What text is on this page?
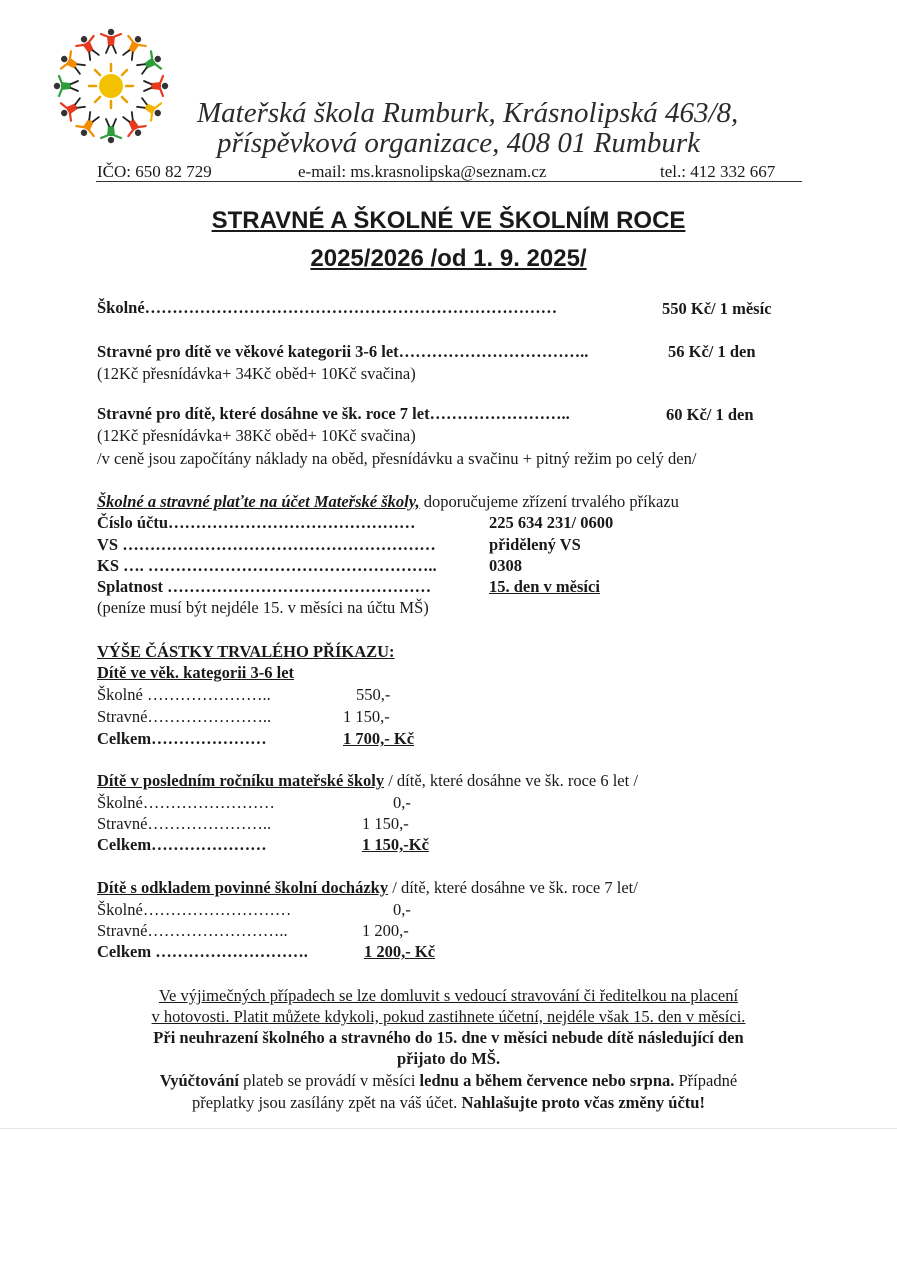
Mateřská škola Rumburk, Krásnolipská 463/8,
příspěvková organizace, 408 01 Rumburk
IČO: 650 82 729	e-mail: ms.krasnolipska@seznam.cz	tel.: 412 332 667
STRAVNÉ A ŠKOLNÉ VE ŠKOLNÍM ROCE
2025/2026 /od 1. 9. 2025/
Školné…………………………………………………………………	550 Kč/ 1 měsíc
Stravné pro dítě ve věkové kategorii 3-6 let……………………………..	56 Kč/ 1 den
(12Kč přesnídávka+ 34Kč oběd+ 10Kč svačina)
Stravné pro dítě, které dosáhne ve šk. roce 7 let……………………..	60 Kč/ 1 den
(12Kč přesnídávka+ 38Kč oběd+ 10Kč svačina)
/v ceně jsou započítány náklady na oběd, přesnídávku a svačinu + pitný režim po celý den/
Školné a stravné plaťte na účet Mateřské školy, doporučujeme zřízení trvalého příkazu
Číslo účtu………………………………………	225 634 231/ 0600
VS …………………………………………………	přidělený VS
KS …. ……………………………………………..	0308
Splatnost …………………………………………	15. den v měsíci
(peníze musí být nejdéle 15. v měsíci na účtu MŠ)
VÝŠE ČÁSTKY TRVALÉHO PŘÍKAZU:
Dítě ve věk. kategorii 3-6 let
Školné …………………..	550,-
Stravné…………………..	1 150,-
Celkem…………………	1 700,- Kč
Dítě v posledním ročníku mateřské školy / dítě, které dosáhne ve šk. roce 6 let /
Školné……………………	0,-
Stravné…………………..	1 150,-
Celkem…………………	1 150,-Kč
Dítě s odkladem povinné školní docházky / dítě, které dosáhne ve šk. roce 7 let/
Školné………………………	0,-
Stravné……………………..	1 200,-
Celkem ……………………….	1 200,- Kč
Ve výjimečných případech se lze domluvit s vedoucí stravování či ředitelkou na placení
v hotovosti. Platit můžete kdykoli, pokud zastihnete účetní, nejdéle však 15. den v měsíci.
Při neuhrazení školného a stravného do 15. dne v měsíci nebude dítě následující den
přijato do MŠ.
Vyúčtování plateb se provádí v měsíci lednu a během července nebo srpna. Případné
přeplatky jsou zasílány zpět na váš účet. Nahlašujte proto včas změny účtu!
